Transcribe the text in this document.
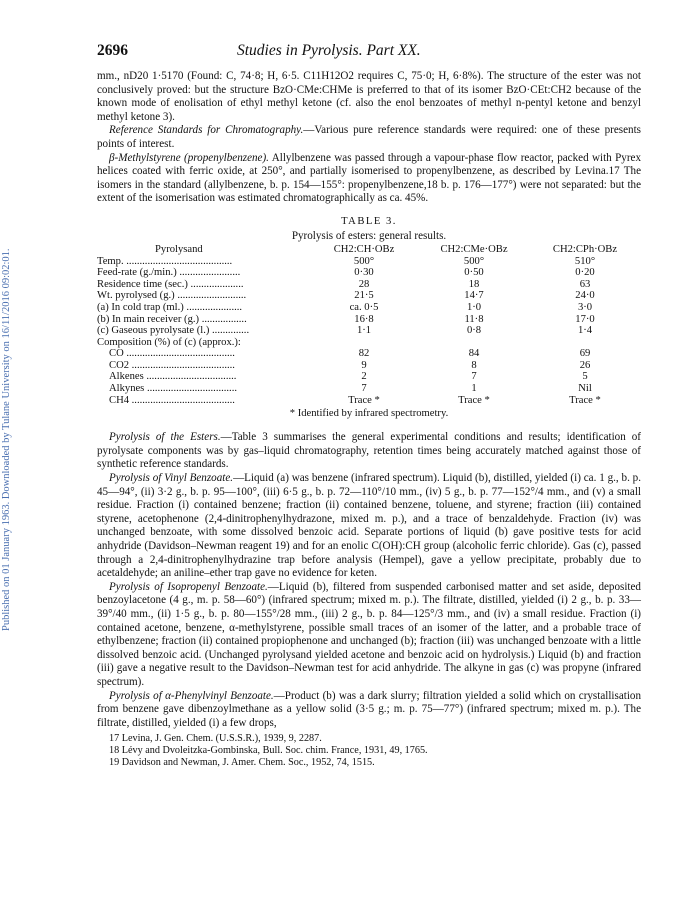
Published on 01 January 1963. Downloaded by Tulane University on 16/11/2016 09:02:01.
2696	Studies in Pyrolysis. Part XX.

mm., nD20 1·5170 (Found: C, 74·8; H, 6·5. C11H12O2 requires C, 75·0; H, 6·8%). The structure of the ester was not conclusively proved: but the structure BzO·CMe:CHMe is preferred to that of its isomer BzO·CEt:CH2 because of the known mode of enolisation of ethyl methyl ketone (cf. also the enol benzoates of methyl n-pentyl ketone and benzyl methyl ketone 3).

Reference Standards for Chromatography.—Various pure reference standards were required: one of these presents points of interest.

β-Methylstyrene (propenylbenzene). Allylbenzene was passed through a vapour-phase flow reactor, packed with Pyrex helices coated with ferric oxide, at 250°, and partially isomerised to propenylbenzene, as described by Levina.17 The isomers in the standard (allylbenzene, b. p. 154—155°: propenylbenzene,18 b. p. 176—177°) were not separated: but the extent of the isomerisation was estimated chromatographically as ca. 45%.

TABLE 3.
Pyrolysis of esters: general results.
Pyrolysand	CH2:CH·OBz	CH2:CMe·OBz	CH2:CPh·OBz
Temp. ........................................	500°	500°	510°
Feed-rate (g./min.) .......................	0·30	0·50	0·20
Residence time (sec.) ....................	28	18	63
Wt. pyrolysed (g.) ..........................	21·5	14·7	24·0
(a) In cold trap (ml.) .....................	ca. 0·5	1·0	3·0
(b) In main receiver (g.) .................	16·8	11·8	17·0
(c) Gaseous pyrolysate (l.) ..............	1·1	0·8	1·4
Composition (%) of (c) (approx.):			
CO .........................................	82	84	69
CO2 .......................................	9	8	26
Alkenes ..................................	2	7	5
Alkynes ..................................	7	1	Nil
CH4 .......................................	Trace *	Trace *	Trace *
* Identified by infrared spectrometry.

Pyrolysis of the Esters.—Table 3 summarises the general experimental conditions and results; identification of pyrolysate components was by gas–liquid chromatography, retention times being accurately matched against those of synthetic reference standards.

Pyrolysis of Vinyl Benzoate.—Liquid (a) was benzene (infrared spectrum). Liquid (b), distilled, yielded (i) ca. 1 g., b. p. 45—94°, (ii) 3·2 g., b. p. 95—100°, (iii) 6·5 g., b. p. 72—110°/10 mm., (iv) 5 g., b. p. 77—152°/4 mm., and (v) a small residue. Fraction (i) contained benzene; fraction (ii) contained benzene, toluene, and styrene; fraction (iii) contained styrene, acetophenone (2,4-dinitrophenylhydrazone, mixed m. p.), and a trace of benzaldehyde. Fraction (iv) was unchanged benzoate, with some dissolved benzoic acid. Separate portions of liquid (b) gave positive tests for acid anhydride (Davidson–Newman reagent 19) and for an enolic C(OH):CH group (alcoholic ferric chloride). Gas (c), passed through a 2,4-dinitrophenylhydrazine trap before analysis (Hempel), gave a yellow precipitate, probably due to acetaldehyde; an aniline–ether trap gave no evidence for keten.

Pyrolysis of Isopropenyl Benzoate.—Liquid (b), filtered from suspended carbonised matter and set aside, deposited benzoylacetone (4 g., m. p. 58—60°) (infrared spectrum; mixed m. p.). The filtrate, distilled, yielded (i) 2 g., b. p. 33—39°/40 mm., (ii) 1·5 g., b. p. 80—155°/28 mm., (iii) 2 g., b. p. 84—125°/3 mm., and (iv) a small residue. Fraction (i) contained acetone, benzene, α-methylstyrene, possible small traces of an isomer of the latter, and a probable trace of ethylbenzene; fraction (ii) contained propiophenone and unchanged (b); fraction (iii) was unchanged benzoate with a little dissolved benzoic acid. (Unchanged pyrolysand yielded acetone and benzoic acid on hydrolysis.) Liquid (b) and fraction (iii) gave a negative result to the Davidson–Newman test for acid anhydride. The alkyne in gas (c) was propyne (infrared spectrum).

Pyrolysis of α-Phenylvinyl Benzoate.—Product (b) was a dark slurry; filtration yielded a solid which on crystallisation from benzene gave dibenzoylmethane as a yellow solid (3·5 g.; m. p. 75—77°) (infrared spectrum; mixed m. p.). The filtrate, distilled, yielded (i) a few drops,

17 Levina, J. Gen. Chem. (U.S.S.R.), 1939, 9, 2287.
18 Lévy and Dvoleitzka-Gombinska, Bull. Soc. chim. France, 1931, 49, 1765.
19 Davidson and Newman, J. Amer. Chem. Soc., 1952, 74, 1515.
